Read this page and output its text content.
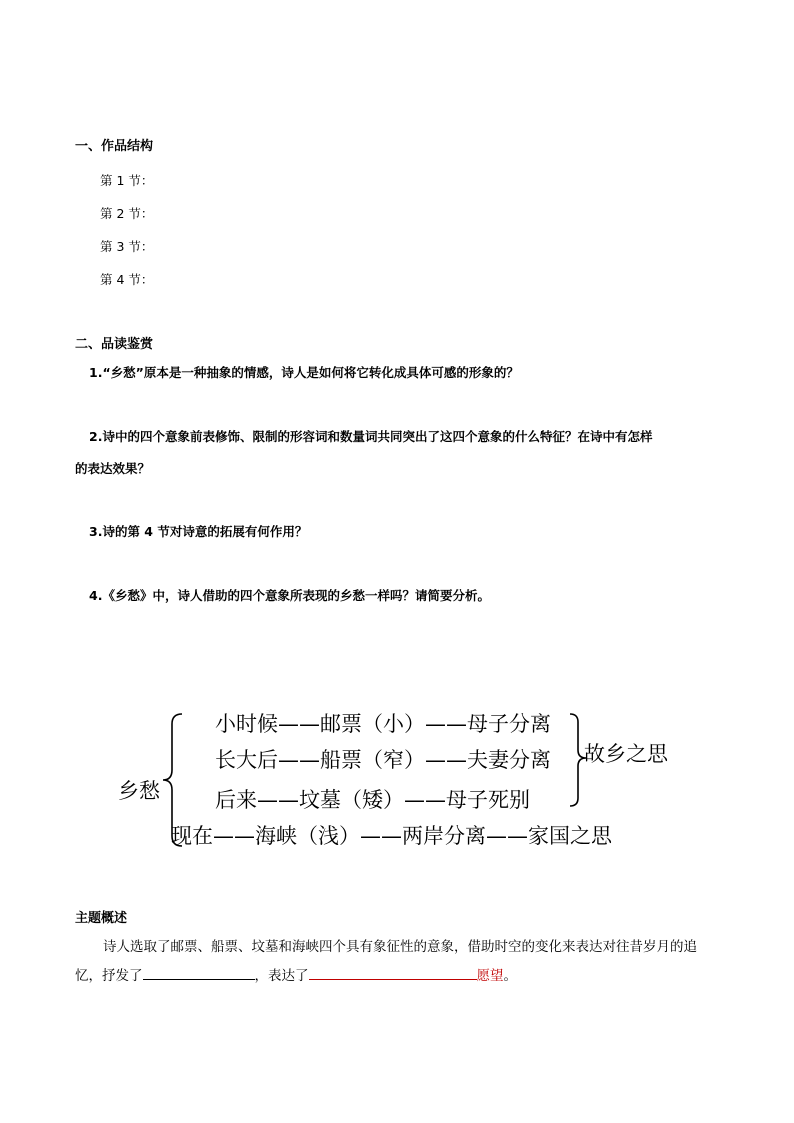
一、作品结构
第 1 节：
第 2 节：
第 3 节：
第 4 节：
二、品读鉴赏
1.“乡愁”原本是一种抽象的情感，诗人是如何将它转化成具体可感的形象的？
2.诗中的四个意象前表修饰、限制的形容词和数量词共同突出了这四个意象的什么特征？在诗中有怎样
的表达效果？
3.诗的第 4 节对诗意的拓展有何作用？
4.《乡愁》中，诗人借助的四个意象所表现的乡愁一样吗？请简要分析。
乡愁
小时候——邮票（小）——母子分离
长大后——船票（窄）——夫妻分离
后来——坟墓（矮）——母子死别
故乡之思
现在——海峡（浅）——两岸分离——家国之思
主题概述
诗人选取了邮票、船票、坟墓和海峡四个具有象征性的意象，借助时空的变化来表达对往昔岁月的追
忆，抒发了	，表达了	愿望。
